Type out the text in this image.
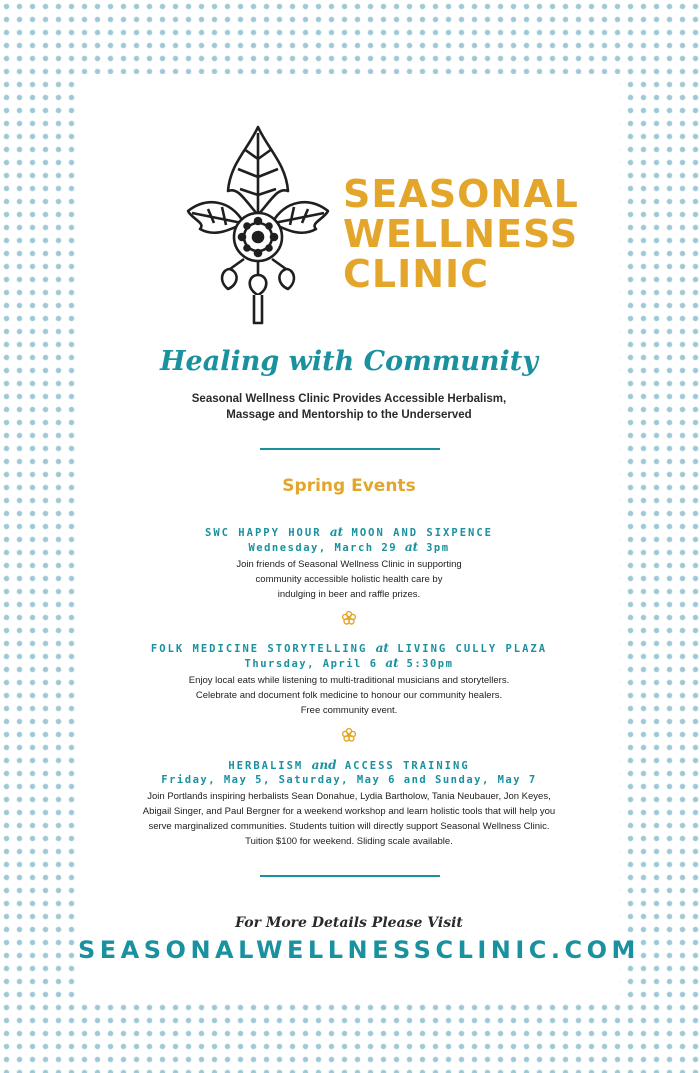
SEASONAL
WELLNESS
CLINIC
Healing with Community
Seasonal Wellness Clinic Provides Accessible Herbalism,
Massage and Mentorship to the Underserved
Spring Events
SWC HAPPY HOUR at MOON AND SIXPENCE
Wednesday, March 29 at 3pm
Join friends of Seasonal Wellness Clinic in supporting
community accessible holistic health care by
indulging in beer and raffle prizes.
FOLK MEDICINE STORYTELLING at LIVING CULLY PLAZA
Thursday, April 6 at 5:30pm
Enjoy local eats while listening to multi-traditional musicians and storytellers.
Celebrate and document folk medicine to honour our community healers.
Free community event.
HERBALISM and ACCESS TRAINING
Friday, May 5, Saturday, May 6 and Sunday, May 7
Join Portland́s inspiring herbalists Sean Donahue, Lydia Bartholow, Tania Neubauer, Jon Keyes,
Abigail Singer, and Paul Bergner for a weekend workshop and learn holistic tools that will help you
serve marginalized communities. Students tuition will directly support Seasonal Wellness Clinic.
Tuition $100 for weekend. Sliding scale available.
For More Details Please Visit
SEASONALWELLNESSCLINIC.COM
